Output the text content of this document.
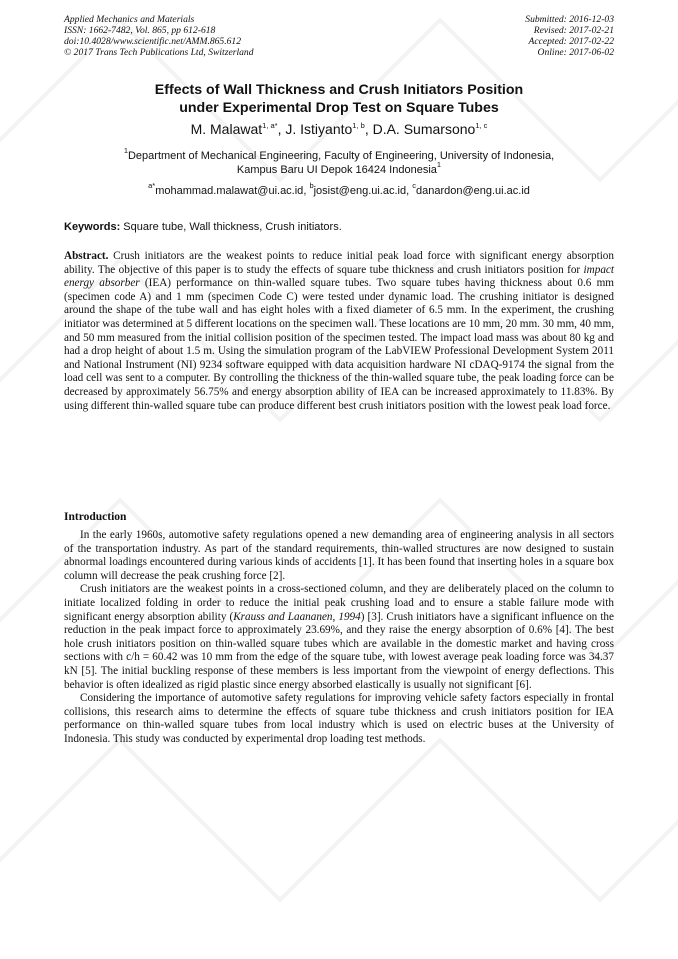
Applied Mechanics and Materials
ISSN: 1662-7482, Vol. 865, pp 612-618
doi:10.4028/www.scientific.net/AMM.865.612
© 2017 Trans Tech Publications Ltd, Switzerland
Submitted: 2016-12-03
Revised: 2017-02-21
Accepted: 2017-02-22
Online: 2017-06-02
Effects of Wall Thickness and Crush Initiators Position
under Experimental Drop Test on Square Tubes
M. Malawat$^{1, a*}$, J. Istiyanto$^{1, b}$, D.A. Sumarsono$^{1, c}$
$^1$Department of Mechanical Engineering, Faculty of Engineering, University of Indonesia,
Kampus Baru UI Depok 16424 Indonesia$^1$
$^{a*}$mohammad.malawat@ui.ac.id, $^b$josist@eng.ui.ac.id, $^c$danardon@eng.ui.ac.id
Keywords: Square tube, Wall thickness, Crush initiators.
Abstract. Crush initiators are the weakest points to reduce initial peak load force with significant energy absorption ability. The objective of this paper is to study the effects of square tube thickness and crush initiators position for impact energy absorber (IEA) performance on thin-walled square tubes. Two square tubes having thickness about 0.6 mm (specimen code A) and 1 mm (specimen Code C) were tested under dynamic load. The crushing initiator is designed around the shape of the tube wall and has eight holes with a fixed diameter of 6.5 mm. In the experiment, the crushing initiator was determined at 5 different locations on the specimen wall. These locations are 10 mm, 20 mm. 30 mm, 40 mm, and 50 mm measured from the initial collision position of the specimen tested. The impact load mass was about 80 kg and had a drop height of about 1.5 m. Using the simulation program of the LabVIEW Professional Development System 2011 and National Instrument (NI) 9234 software equipped with data acquisition hardware NI cDAQ-9174 the signal from the load cell was sent to a computer. By controlling the thickness of the thin-walled square tube, the peak loading force can be decreased by approximately 56.75% and energy absorption ability of IEA can be increased approximately to 11.83%. By using different thin-walled square tube can produce different best crush initiators position with the lowest peak load force.
Introduction

In the early 1960s, automotive safety regulations opened a new demanding area of engineering analysis in all sectors of the transportation industry. As part of the standard requirements, thin-walled structures are now designed to sustain abnormal loadings encountered during various kinds of accidents [1]. It has been found that inserting holes in a square box column will decrease the peak crushing force [2].

Crush initiators are the weakest points in a cross-sectioned column, and they are deliberately placed on the column to initiate localized folding in order to reduce the initial peak crushing load and to ensure a stable failure mode with significant energy absorption ability (Krauss and Laananen, 1994) [3]. Crush initiators have a significant influence on the reduction in the peak impact force to approximately 23.69%, and they raise the energy absorption of 0.6% [4]. The best hole crush initiators position on thin-walled square tubes which are available in the domestic market and having cross sections with c/h = 60.42 was 10 mm from the edge of the square tube, with lowest average peak loading force was 34.37 kN [5]. The initial buckling response of these members is less important from the viewpoint of energy deflections. This behavior is often idealized as rigid plastic since energy absorbed elastically is usually not significant [6].

Considering the importance of automotive safety regulations for improving vehicle safety factors especially in frontal collisions, this research aims to determine the effects of square tube thickness and crush initiators position for IEA performance on thin-walled square tubes from local industry which is used on electric buses at the University of Indonesia. This study was conducted by experimental drop loading test methods.
